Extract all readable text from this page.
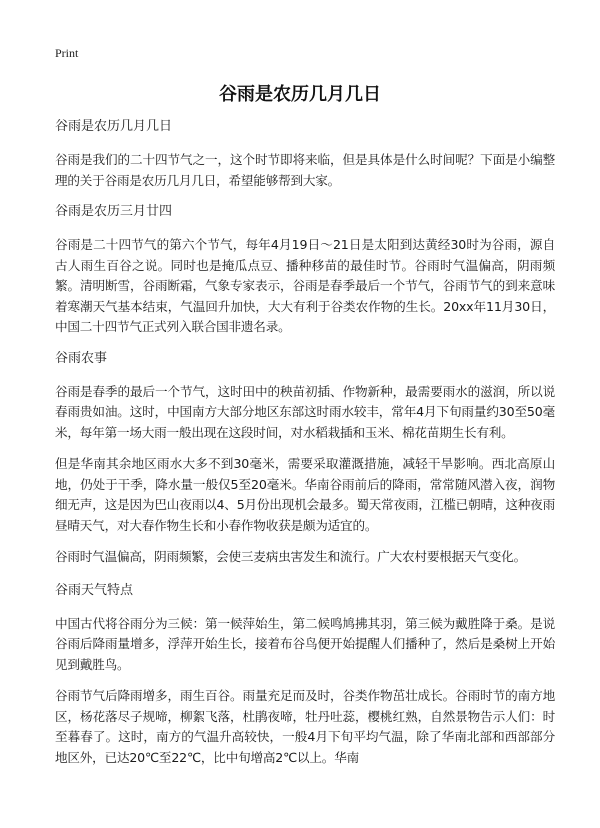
Print
谷雨是农历几月几日

谷雨是农历几月几日

谷雨是我们的二十四节气之一，这个时节即将来临，但是具体是什么时间呢？下面是小编整理的关于谷雨是农历几月几日，希望能够帮到大家。

谷雨是农历三月廿四

谷雨是二十四节气的第六个节气，每年4月19日～21日是太阳到达黄经30时为谷雨，源自古人雨生百谷之说。同时也是掩瓜点豆、播种移苗的最佳时节。谷雨时气温偏高，阴雨频繁。清明断雪，谷雨断霜，气象专家表示，谷雨是春季最后一个节气，谷雨节气的到来意味着寒潮天气基本结束，气温回升加快，大大有利于谷类农作物的生长。20xx年11月30日，中国二十四节气正式列入联合国非遗名录。

谷雨农事

谷雨是春季的最后一个节气，这时田中的秧苗初插、作物新种，最需要雨水的滋润，所以说春雨贵如油。这时，中国南方大部分地区东部这时雨水较丰，常年4月下旬雨量约30至50毫米，每年第一场大雨一般出现在这段时间，对水稻栽插和玉米、棉花苗期生长有利。

但是华南其余地区雨水大多不到30毫米，需要采取灌溉措施，减轻干旱影响。西北高原山地，仍处于干季，降水量一般仅5至20毫米。华南谷雨前后的降雨，常常随风潜入夜，润物细无声，这是因为巴山夜雨以4、5月份出现机会最多。蜀天常夜雨，江槛已朝晴，这种夜雨昼晴天气，对大春作物生长和小春作物收获是颇为适宜的。

谷雨时气温偏高，阴雨频繁，会使三麦病虫害发生和流行。广大农村要根据天气变化。

谷雨天气特点

中国古代将谷雨分为三候：第一候萍始生，第二候鸣鸠拂其羽，第三候为戴胜降于桑。是说谷雨后降雨量增多，浮萍开始生长，接着布谷鸟便开始提醒人们播种了，然后是桑树上开始见到戴胜鸟。

谷雨节气后降雨增多，雨生百谷。雨量充足而及时，谷类作物茁壮成长。谷雨时节的南方地区，杨花落尽子规啼，柳絮飞落，杜鹃夜啼，牡丹吐蕊，樱桃红熟，自然景物告示人们：时至暮春了。这时，南方的气温升高较快，一般4月下旬平均气温，除了华南北部和西部部分地区外，已达20℃至22℃，比中旬增高2℃以上。华南
